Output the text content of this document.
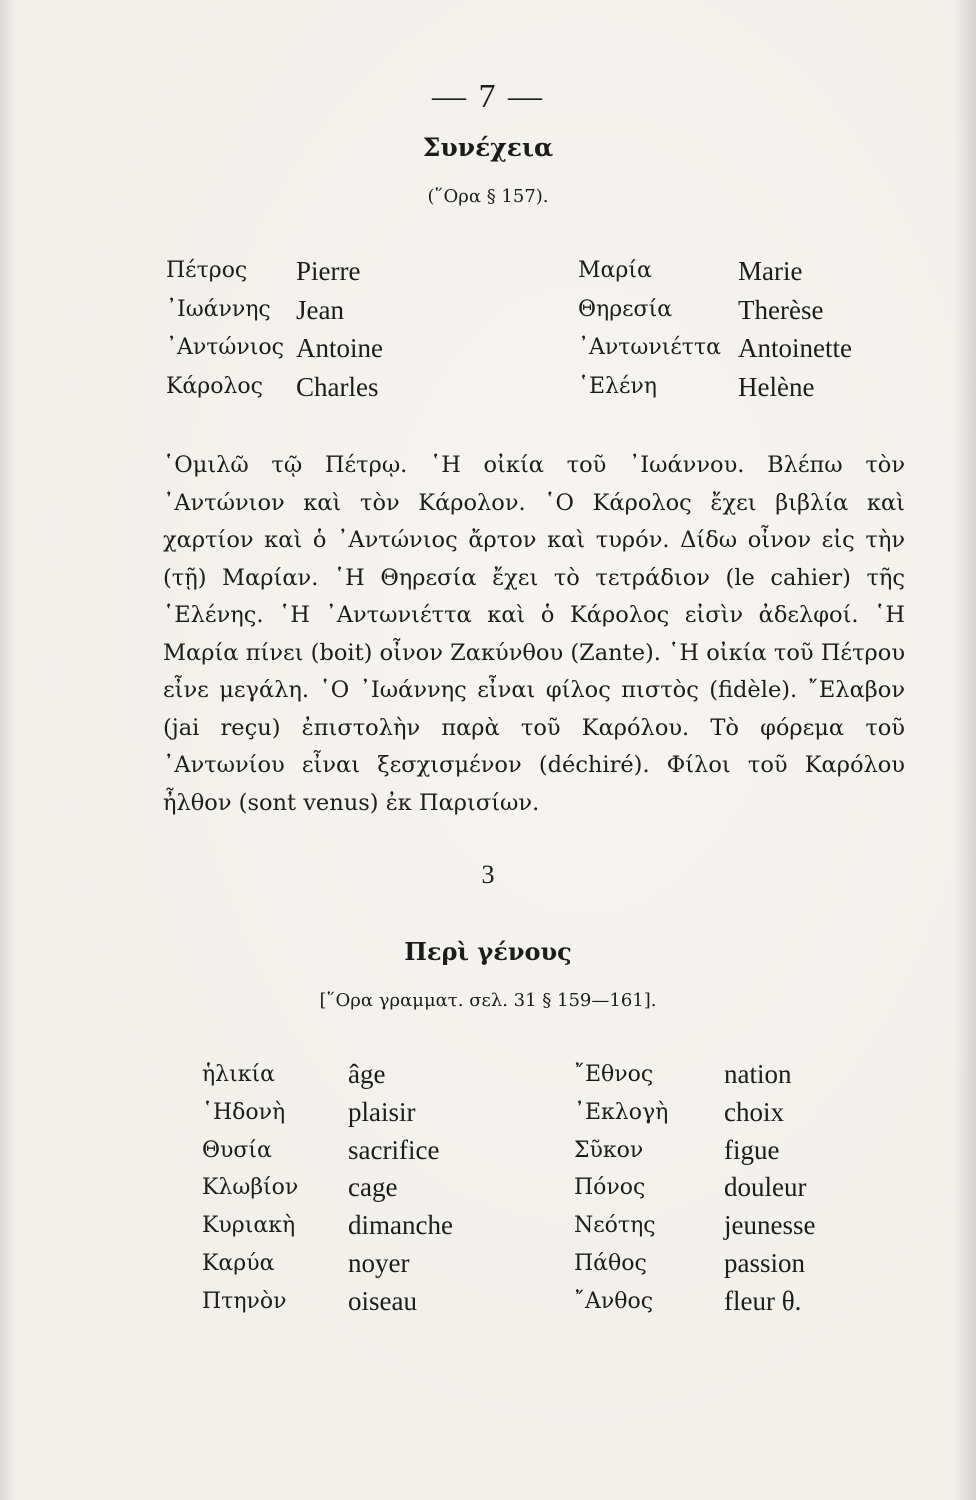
— 7 —
Συνέχεια
(῞Ορα § 157).
Πέτρος	Pierre	Μαρία	Marie
᾿Ιωάννης Jean	Θηρεσία	Therèse
᾿Αντώνιος Antoine	᾿Αντωνιέττα Antoinette
Κάρολος	Charles	῾Ελένη	Helène
῾Ομιλῶ τῷ Πέτρῳ. ῾Η οἰκία τοῦ ᾿Ιωάννου. Βλέπω τὸν ᾿Αντώνιον καὶ τὸν Κάρολον. ῾Ο Κάρολος ἔχει βιβλία καὶ χαρτίον καὶ ὁ ᾿Αντώνιος ἄρτον καὶ τυρόν. Δίδω οἶνον εἰς τὴν (τῇ) Μαρίαν. ῾Η Θηρεσία ἔχει τὸ τετράδιον (le cahier) τῆς ῾Ελένης. ῾Η ᾿Αντωνιέττα καὶ ὁ Κάρολος εἰσὶν ἀδελφοί. ῾Η Μαρία πίνει (boit) οἶνον Ζακύνθου (Zante). ῾Η οἰκία τοῦ Πέτρου εἶνε μεγάλη. ῾Ο ᾿Ιωάννης εἶναι φίλος πιστὸς (fidèle). ῎Ελαβον (jai reçu) ἐπιστολὴν παρὰ τοῦ Καρόλου. Τὸ φόρεμα τοῦ ᾿Αντωνίου εἶναι ξεσχισμένον (déchiré). Φίλοι τοῦ Καρόλου ἦλθον (sont venus) ἐκ Παρισίων.
3
Περὶ γένους
[῞Ορα γραμματ. σελ. 31 § 159—161].
ἡλικία	âge	῎Εθνος	nation
῾Ηδονὴ	plaisir	᾿Εκλογὴ	choix
Θυσία	sacrifice	Σῦκον	figue
Κλωβίον	cage	Πόνος	douleur
Κυριακὴ	dimanche	Νεότης	jeunesse
Καρύα	noyer	Πάθος	passion
Πτηνὸν	oiseau	῎Ανθος	fleur θ.
